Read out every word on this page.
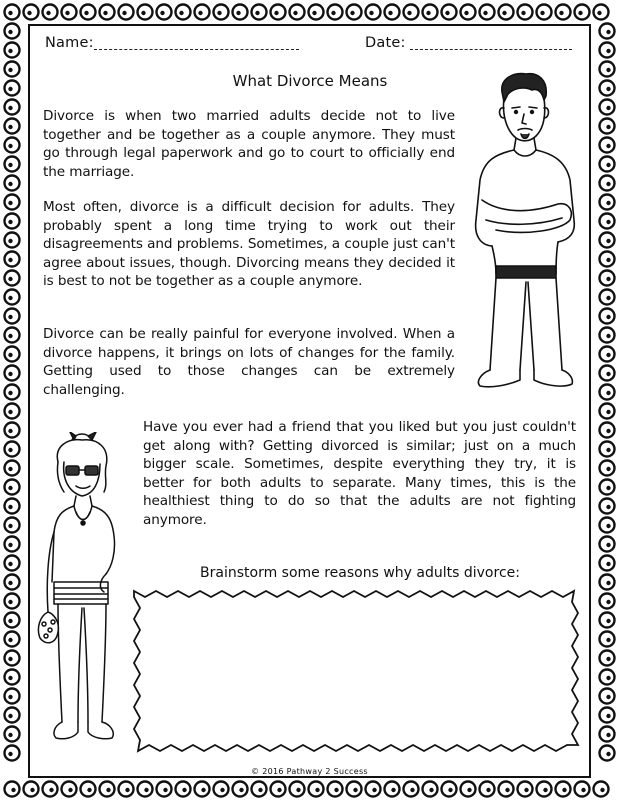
Name:	Date:
What Divorce Means

Divorce is when two married adults decide not to live together and be together as a couple anymore. They must go through legal paperwork and go to court to officially end the marriage.

Most often, divorce is a difficult decision for adults. They probably spent a long time trying to work out their disagreements and problems. Sometimes, a couple just can't agree about issues, though. Divorcing means they decided it is best to not be together as a couple anymore.

Divorce can be really painful for everyone involved. When a divorce happens, it brings on lots of changes for the family. Getting used to those changes can be extremely challenging.

Have you ever had a friend that you liked but you just couldn't get along with? Getting divorced is similar; just on a much bigger scale. Sometimes, despite everything they try, it is better for both adults to separate. Many times, this is the healthiest thing to do so that the adults are not fighting anymore.

Brainstorm some reasons why adults divorce:
© 2016 Pathway 2 Success
